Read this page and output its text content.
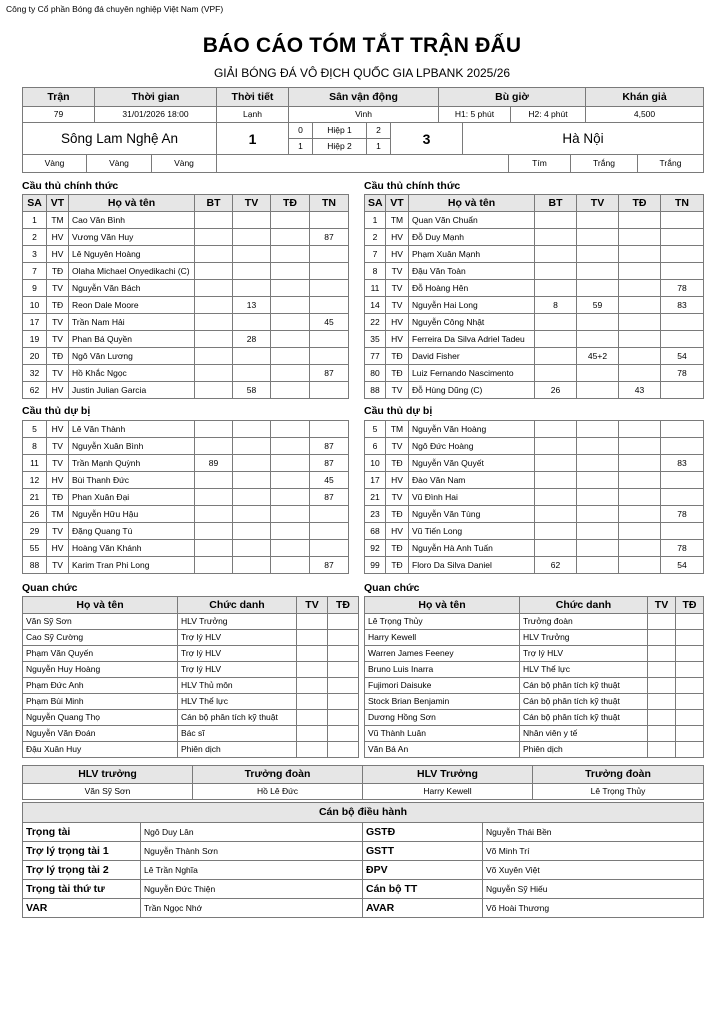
Công ty Cổ phần Bóng đá chuyên nghiệp Việt Nam (VPF)
BÁO CÁO TÓM TẮT TRẬN ĐẤU
GIẢI BÓNG ĐÁ VÔ ĐỊCH QUỐC GIA LPBANK 2025/26
Trận	Thời gian	Thời tiết	Sân vận động	Bù giờ		Khán giả
79	31/01/2026 18:00	Lạnh	Vinh	H1: 5 phút	H2: 4 phút	4,500
Sông Lam Nghệ An	1	0	Hiệp 1	2	3	Hà Nội
		1	Hiệp 2	1		
Vàng	Vàng	Vàng		Tím	Trắng	Trắng
Cầu thủ chính thức	Cầu thủ chính thức
Cầu thủ dự bị	Cầu thủ dự bị
Quan chức	Quan chức
SA	VT	Họ và tên	BT	TV	TĐ	TN
1	TM	Cao Văn Bình				
2	HV	Vương Văn Huy				87
3	HV	Lê Nguyên Hoàng				
7	TĐ	Olaha Michael Onyedikachi (C)				
9	TV	Nguyễn Văn Bách				
10	TĐ	Reon Dale Moore		13		
17	TV	Trần Nam Hải				45
19	TV	Phan Bá Quyền		28		
20	TĐ	Ngô Văn Lương				
32	TV	Hồ Khắc Ngọc				87
62	HV	Justin Julian Garcia		58		
SA	VT	Họ và tên	BT	TV	TĐ	TN
1	TM	Quan Văn Chuẩn				
2	HV	Đỗ Duy Mạnh				
7	HV	Phạm Xuân Mạnh				
8	TV	Đậu Văn Toàn				
11	TV	Đỗ Hoàng Hên				78
14	TV	Nguyễn Hai Long	8	59		83
22	HV	Nguyễn Công Nhật				
35	HV	Ferreira Da Silva Adriel Tadeu				
77	TĐ	David Fisher		45+2		54
80	TĐ	Luiz Fernando Nascimento				78
88	TV	Đỗ Hùng Dũng (C)	26		43	
5	HV	Lê Văn Thành				
8	TV	Nguyễn Xuân Bình				87
11	TV	Trần Mạnh Quỳnh	89			87
12	HV	Bùi Thanh Đức				45
21	TĐ	Phan Xuân Đại				87
26	TM	Nguyễn Hữu Hậu				
29	TV	Đặng Quang Tú				
55	HV	Hoàng Văn Khánh				
88	TV	Karim Tran Phi Long				87
5	TM	Nguyễn Văn Hoàng				
6	TV	Ngô Đức Hoàng				
10	TĐ	Nguyễn Văn Quyết				83
17	HV	Đào Văn Nam				
21	TV	Vũ Đình Hai				
23	TĐ	Nguyễn Văn Tùng				78
68	HV	Vũ Tiến Long				
92	TĐ	Nguyễn Hà Anh Tuấn				78
99	TĐ	Floro Da Silva Daniel	62			54
Họ và tên	Chức danh	TV	TĐ
Văn Sỹ Sơn	HLV Trưởng		
Cao Sỹ Cường	Trợ lý HLV		
Phạm Văn Quyến	Trợ lý HLV		
Nguyễn Huy Hoàng	Trợ lý HLV		
Phạm Đức Anh	HLV Thủ môn		
Phạm Bùi Minh	HLV Thể lực		
Nguyễn Quang Thọ	Cán bộ phân tích kỹ thuật		
Nguyễn Văn Đoán	Bác sĩ		
Đậu Xuân Huy	Phiên dịch		
Họ và tên	Chức danh	TV	TĐ
Lê Trọng Thủy	Trưởng đoàn		
Harry Kewell	HLV Trưởng		
Warren James Feeney	Trợ lý HLV		
Bruno Luis Inarra	HLV Thể lực		
Fujimori Daisuke	Cán bộ phân tích kỹ thuật		
Stock Brian Benjamin	Cán bộ phân tích kỹ thuật		
Dương Hồng Sơn	Cán bộ phân tích kỹ thuật		
Vũ Thành Luân	Nhân viên y tế		
Văn Bá An	Phiên dịch		
HLV trưởng	Trưởng đoàn	HLV Trưởng	Trưởng đoàn
Văn Sỹ Sơn	Hồ Lê Đức	Harry Kewell	Lê Trọng Thủy
Cán bộ điều hành			
Trọng tài	Ngô Duy Lân	GSTĐ	Nguyễn Thái Bền
Trợ lý trọng tài 1	Nguyễn Thành Sơn	GSTT	Võ Minh Trí
Trợ lý trọng tài 2	Lê Trần Nghĩa	ĐPV	Võ Xuyên Việt
Trọng tài thứ tư	Nguyễn Đức Thiện	Cán bộ TT	Nguyễn Sỹ Hiếu
VAR	Trần Ngọc Nhớ	AVAR	Võ Hoài Thương
